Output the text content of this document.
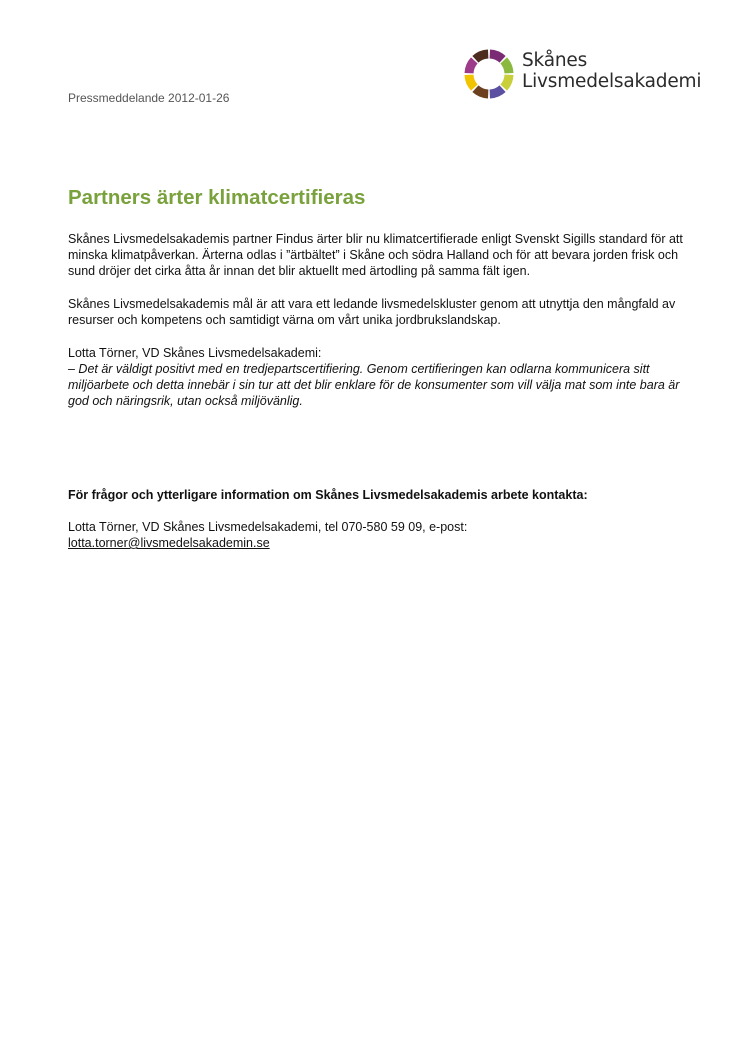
Pressmeddelande 2012-01-26
Skånes
Livsmedelsakademi
Partners ärter klimatcertifieras

Skånes Livsmedelsakademis partner Findus ärter blir nu klimatcertifierade enligt Svenskt Sigills standard för att minska klimatpåverkan. Ärterna odlas i ”ärtbältet” i Skåne och södra Halland och för att bevara jorden frisk och sund dröjer det cirka åtta år innan det blir aktuellt med ärtodling på samma fält igen.

Skånes Livsmedelsakademis mål är att vara ett ledande livsmedelskluster genom att utnyttja den mångfald av resurser och kompetens och samtidigt värna om vårt unika jordbrukslandskap.

Lotta Törner, VD Skånes Livsmedelsakademi:

– Det är väldigt positivt med en tredjepartscertifiering. Genom certifieringen kan odlarna kommunicera sitt miljöarbete och detta innebär i sin tur att det blir enklare för de konsumenter som vill välja mat som inte bara är god och näringsrik, utan också miljövänlig.

För frågor och ytterligare information om Skånes Livsmedelsakademis arbete kontakta:
Lotta Törner, VD Skånes Livsmedelsakademi, tel 070-580 59 09, e-post:
lotta.torner@livsmedelsakademin.se
